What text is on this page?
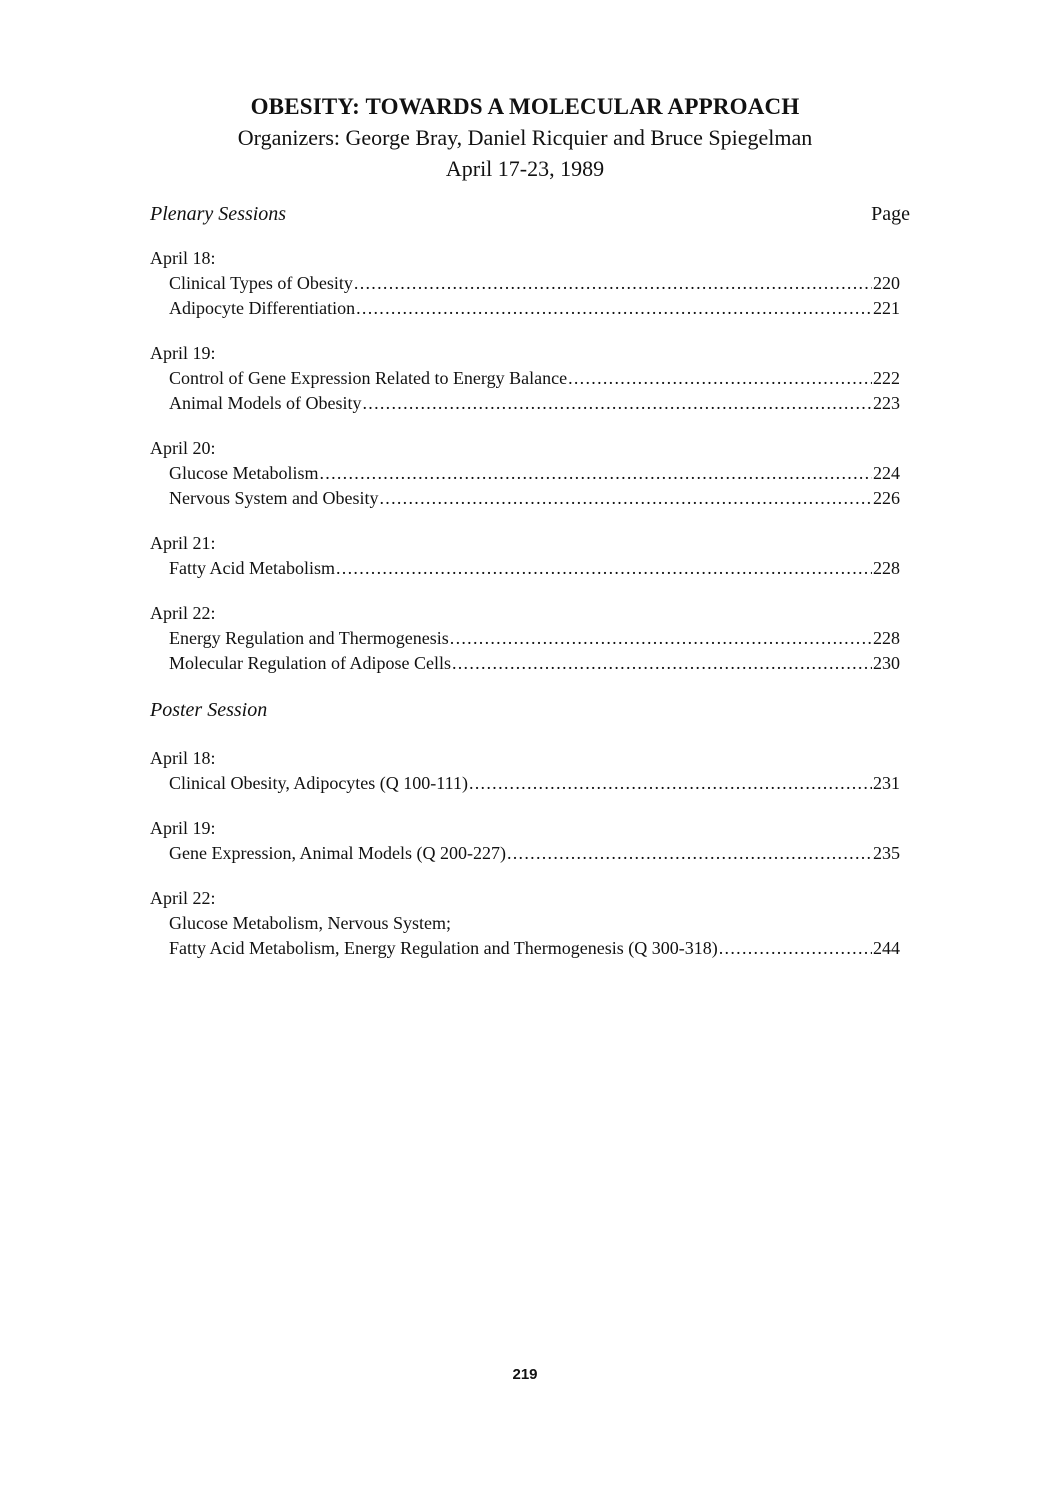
OBESITY: TOWARDS A MOLECULAR APPROACH

Organizers: George Bray, Daniel Ricquier and Bruce Spiegelman

April 17-23, 1989

Plenary Sessions	Page
April 18:
Clinical Types of Obesity . . .	220
Adipocyte Differentiation . . .	221
April 19:
Control of Gene Expression Related to Energy Balance . . .	222
Animal Models of Obesity . . .	223
April 20:
Glucose Metabolism . . .	224
Nervous System and Obesity . . .	226
April 21:
Fatty Acid Metabolism . . .	228
April 22:
Energy Regulation and Thermogenesis . . .	228
Molecular Regulation of Adipose Cells . . .	230
Poster Session
April 18:
Clinical Obesity, Adipocytes (Q 100-111) . . .	231
April 19:
Gene Expression, Animal Models (Q 200-227) . . .	235
April 22:
Glucose Metabolism, Nervous System;
Fatty Acid Metabolism, Energy Regulation and Thermogenesis (Q 300-318) . . .	244
219
